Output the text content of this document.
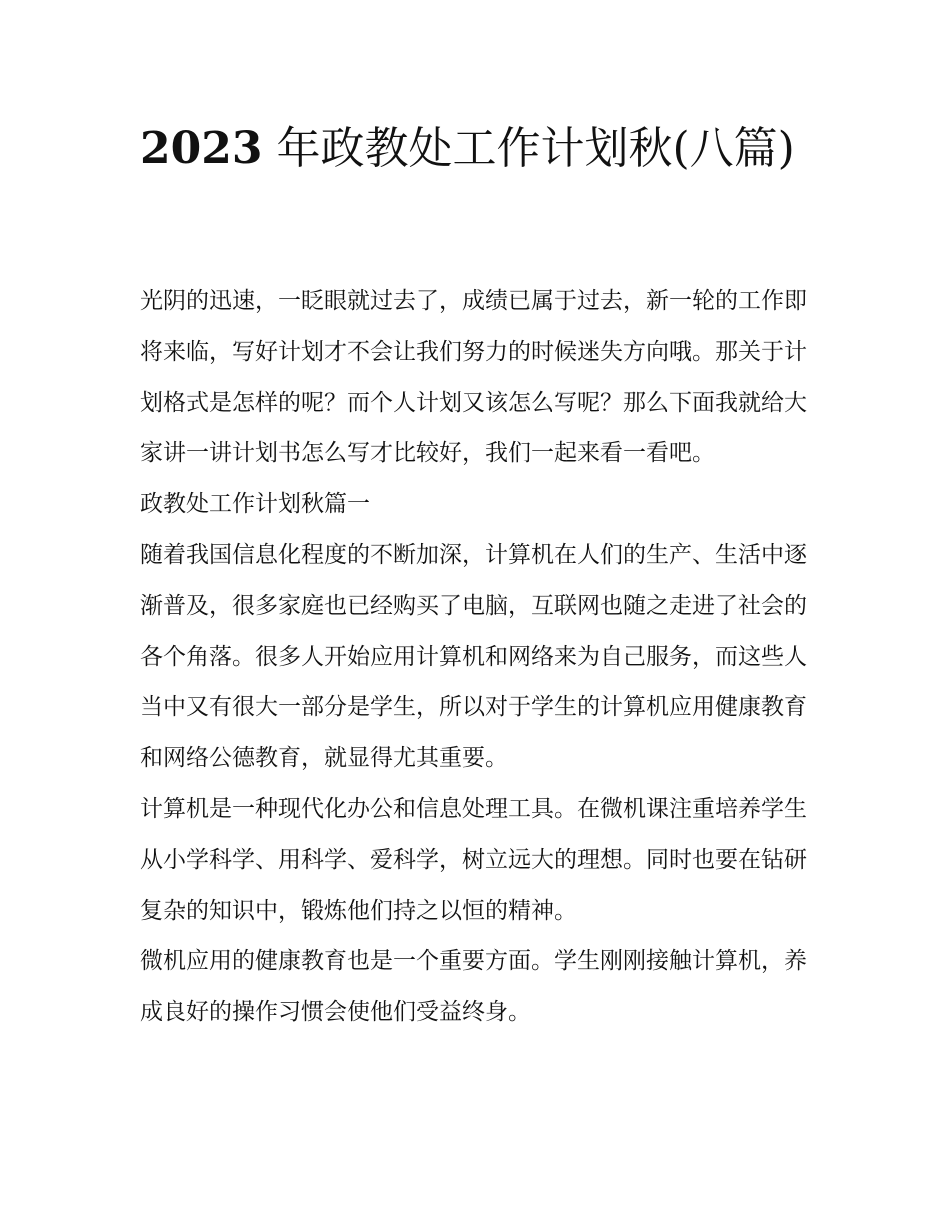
2023 年政教处工作计划秋(八篇)

光阴的迅速，一眨眼就过去了，成绩已属于过去，新一轮的工作即将来临，写好计划才不会让我们努力的时候迷失方向哦。那关于计划格式是怎样的呢？而个人计划又该怎么写呢？那么下面我就给大家讲一讲计划书怎么写才比较好，我们一起来看一看吧。

政教处工作计划秋篇一

随着我国信息化程度的不断加深，计算机在人们的生产、生活中逐渐普及，很多家庭也已经购买了电脑，互联网也随之走进了社会的各个角落。很多人开始应用计算机和网络来为自己服务，而这些人当中又有很大一部分是学生，所以对于学生的计算机应用健康教育和网络公德教育，就显得尤其重要。

计算机是一种现代化办公和信息处理工具。在微机课注重培养学生从小学科学、用科学、爱科学，树立远大的理想。同时也要在钻研复杂的知识中，锻炼他们持之以恒的精神。

微机应用的健康教育也是一个重要方面。学生刚刚接触计算机，养成良好的操作习惯会使他们受益终身。
